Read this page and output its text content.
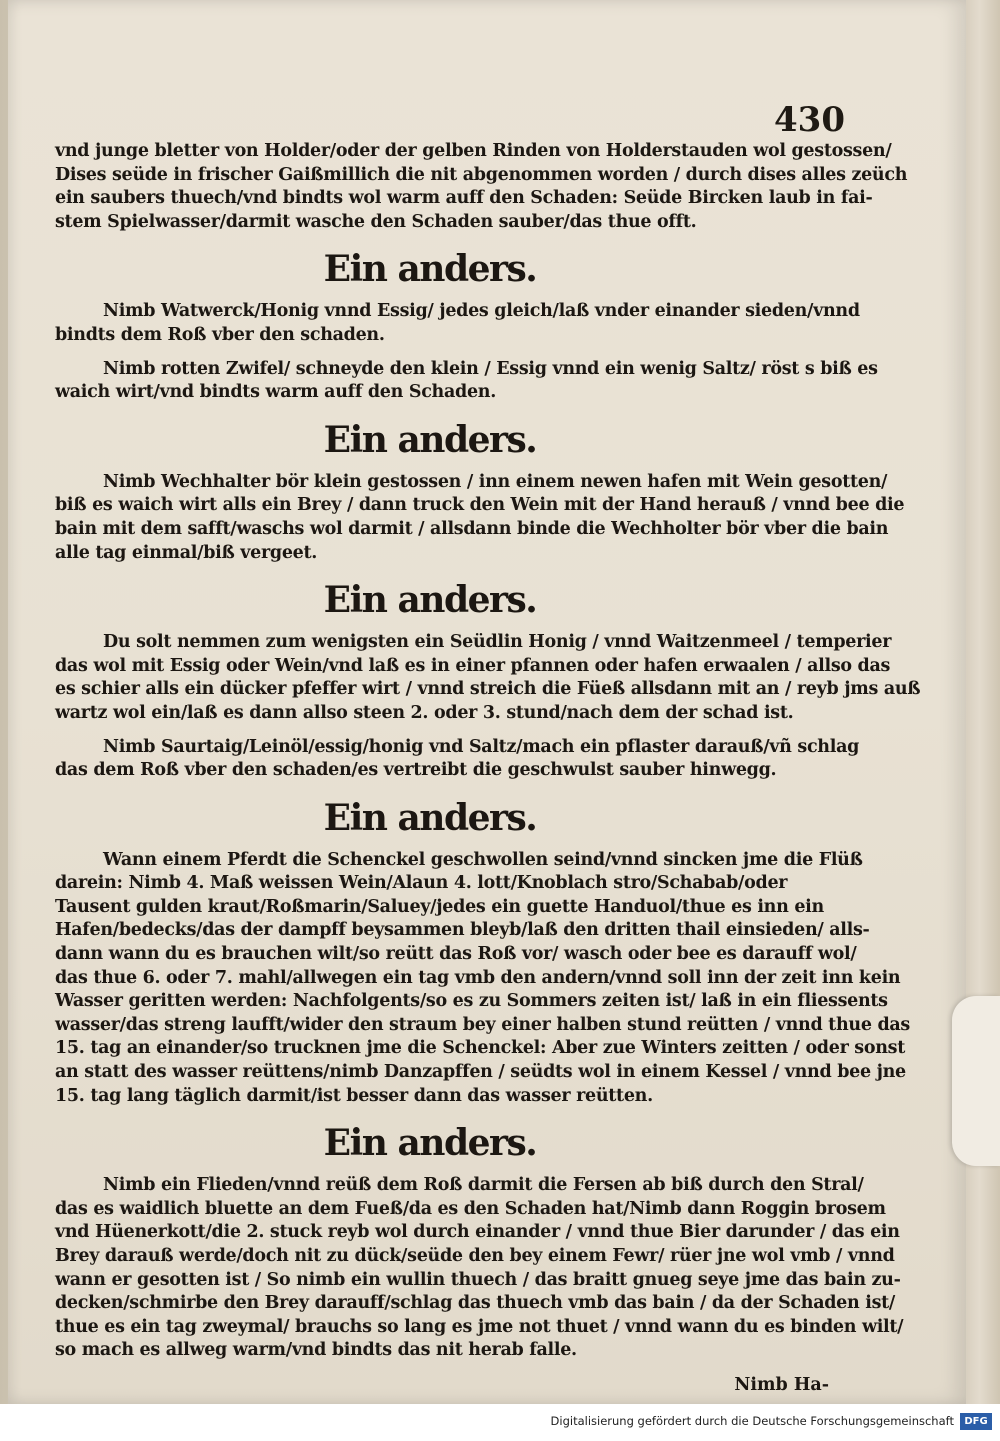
430
vnd junge bletter von Holder/oder der gelben Rinden von Holderstauden wol gestossen/
Dises seüde in frischer Gaißmillich die nit abgenommen worden / durch dises alles zeüch
ein saubers thuech/vnd bindts wol warm auff den Schaden: Seüde Bircken laub in fai-
stem Spielwasser/darmit wasche den Schaden sauber/das thue offt.
Ein anders.
Nimb Watwerck/Honig vnnd Essig/ jedes gleich/laß vnder einander sieden/vnnd
bindts dem Roß vber den schaden.
Nimb rotten Zwifel/ schneyde den klein / Essig vnnd ein wenig Saltz/ röst s biß es
waich wirt/vnd bindts warm auff den Schaden.
Ein anders.
Nimb Wechhalter bör klein gestossen / inn einem newen hafen mit Wein gesotten/
biß es waich wirt alls ein Brey / dann truck den Wein mit der Hand herauß / vnnd bee die
bain mit dem safft/waschs wol darmit / allsdann binde die Wechholter bör vber die bain
alle tag einmal/biß vergeet.
Ein anders.
Du solt nemmen zum wenigsten ein Seüdlin Honig / vnnd Waitzenmeel / temperier
das wol mit Essig oder Wein/vnd laß es in einer pfannen oder hafen erwaalen / allso das
es schier alls ein dücker pfeffer wirt / vnnd streich die Füeß allsdann mit an / reyb jms auß
wartz wol ein/laß es dann allso steen 2. oder 3. stund/nach dem der schad ist.
Nimb Saurtaig/Leinöl/essig/honig vnd Saltz/mach ein pflaster darauß/vñ schlag
das dem Roß vber den schaden/es vertreibt die geschwulst sauber hinwegg.
Ein anders.
Wann einem Pferdt die Schenckel geschwollen seind/vnnd sincken jme die Flüß
darein: Nimb 4. Maß weissen Wein/Alaun 4. lott/Knoblach stro/Schabab/oder
Tausent gulden kraut/Roßmarin/Saluey/jedes ein guette Handuol/thue es inn ein
Hafen/bedecks/das der dampff beysammen bleyb/laß den dritten thail einsieden/ alls-
dann wann du es brauchen wilt/so reütt das Roß vor/ wasch oder bee es darauff wol/
das thue 6. oder 7. mahl/allwegen ein tag vmb den andern/vnnd soll inn der zeit inn kein
Wasser geritten werden: Nachfolgents/so es zu Sommers zeiten ist/ laß in ein fliessents
wasser/das streng laufft/wider den straum bey einer halben stund reütten / vnnd thue das
15. tag an einander/so trucknen jme die Schenckel: Aber zue Winters zeitten / oder sonst
an statt des wasser reüttens/nimb Danzapffen / seüdts wol in einem Kessel / vnnd bee jne
15. tag lang täglich darmit/ist besser dann das wasser reütten.
Ein anders.
Nimb ein Flieden/vnnd reüß dem Roß darmit die Fersen ab biß durch den Stral/
das es waidlich bluette an dem Fueß/da es den Schaden hat/Nimb dann Roggin brosem
vnd Hüenerkott/die 2. stuck reyb wol durch einander / vnnd thue Bier darunder / das ein
Brey darauß werde/doch nit zu dück/seüde den bey einem Fewr/ rüer jne wol vmb / vnnd
wann er gesotten ist / So nimb ein wullin thuech / das braitt gnueg seye jme das bain zu-
decken/schmirbe den Brey darauff/schlag das thuech vmb das bain / da der Schaden ist/
thue es ein tag zweymal/ brauchs so lang es jme not thuet / vnnd wann du es binden wilt/
so mach es allweg warm/vnd bindts das nit herab falle.
Nimb Ha-
Digitalisierung gefördert durch die Deutsche Forschungsgemeinschaft	DFG
